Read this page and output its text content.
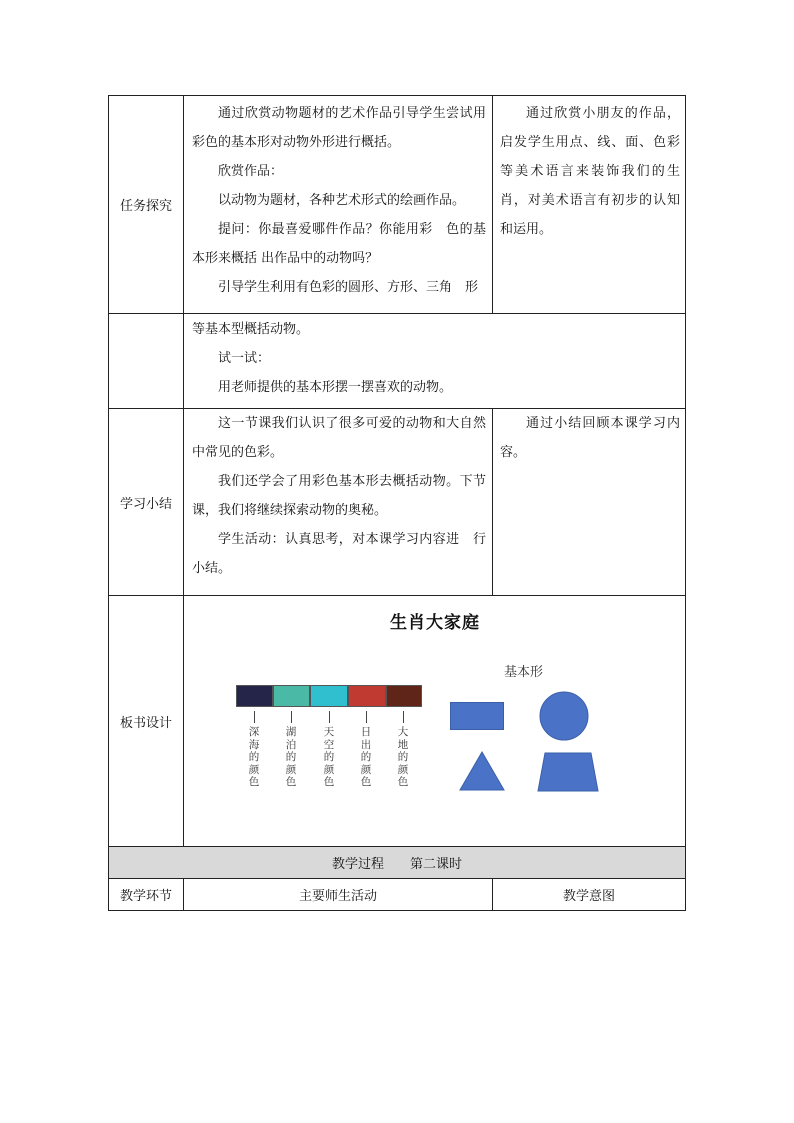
任务探究

通过欣赏动物题材的艺术作品引导学生尝试用彩色的基本形对动物外形进行概括。

欣赏作品：

以动物为题材，各种艺术形式的绘画作品。

提问：你最喜爱哪件作品？你能用彩　色的基本形来概括 出作品中的动物吗？

引导学生利用有色彩的圆形、方形、三角　形

通过欣赏小朋友的作品，启发学生用点、线、面、色彩等美术语言来装饰我们的生肖，对美术语言有初步的认知和运用。

等基本型概括动物。

试一试：

用老师提供的基本形摆一摆喜欢的动物。

学习小结

这一节课我们认识了很多可爱的动物和大自然中常见的色彩。

我们还学会了用彩色基本形去概括动物。下节课，我们将继续探索动物的奥秘。

学生活动：认真思考，对本课学习内容进　行小结。

通过小结回顾本课学习内容。

板书设计
生肖大家庭
基本形
深海的颜色
湖泊的颜色
天空的颜色
日出的颜色
大地的颜色
教学过程　　第二课时
教学环节	主要师生活动	教学意图
